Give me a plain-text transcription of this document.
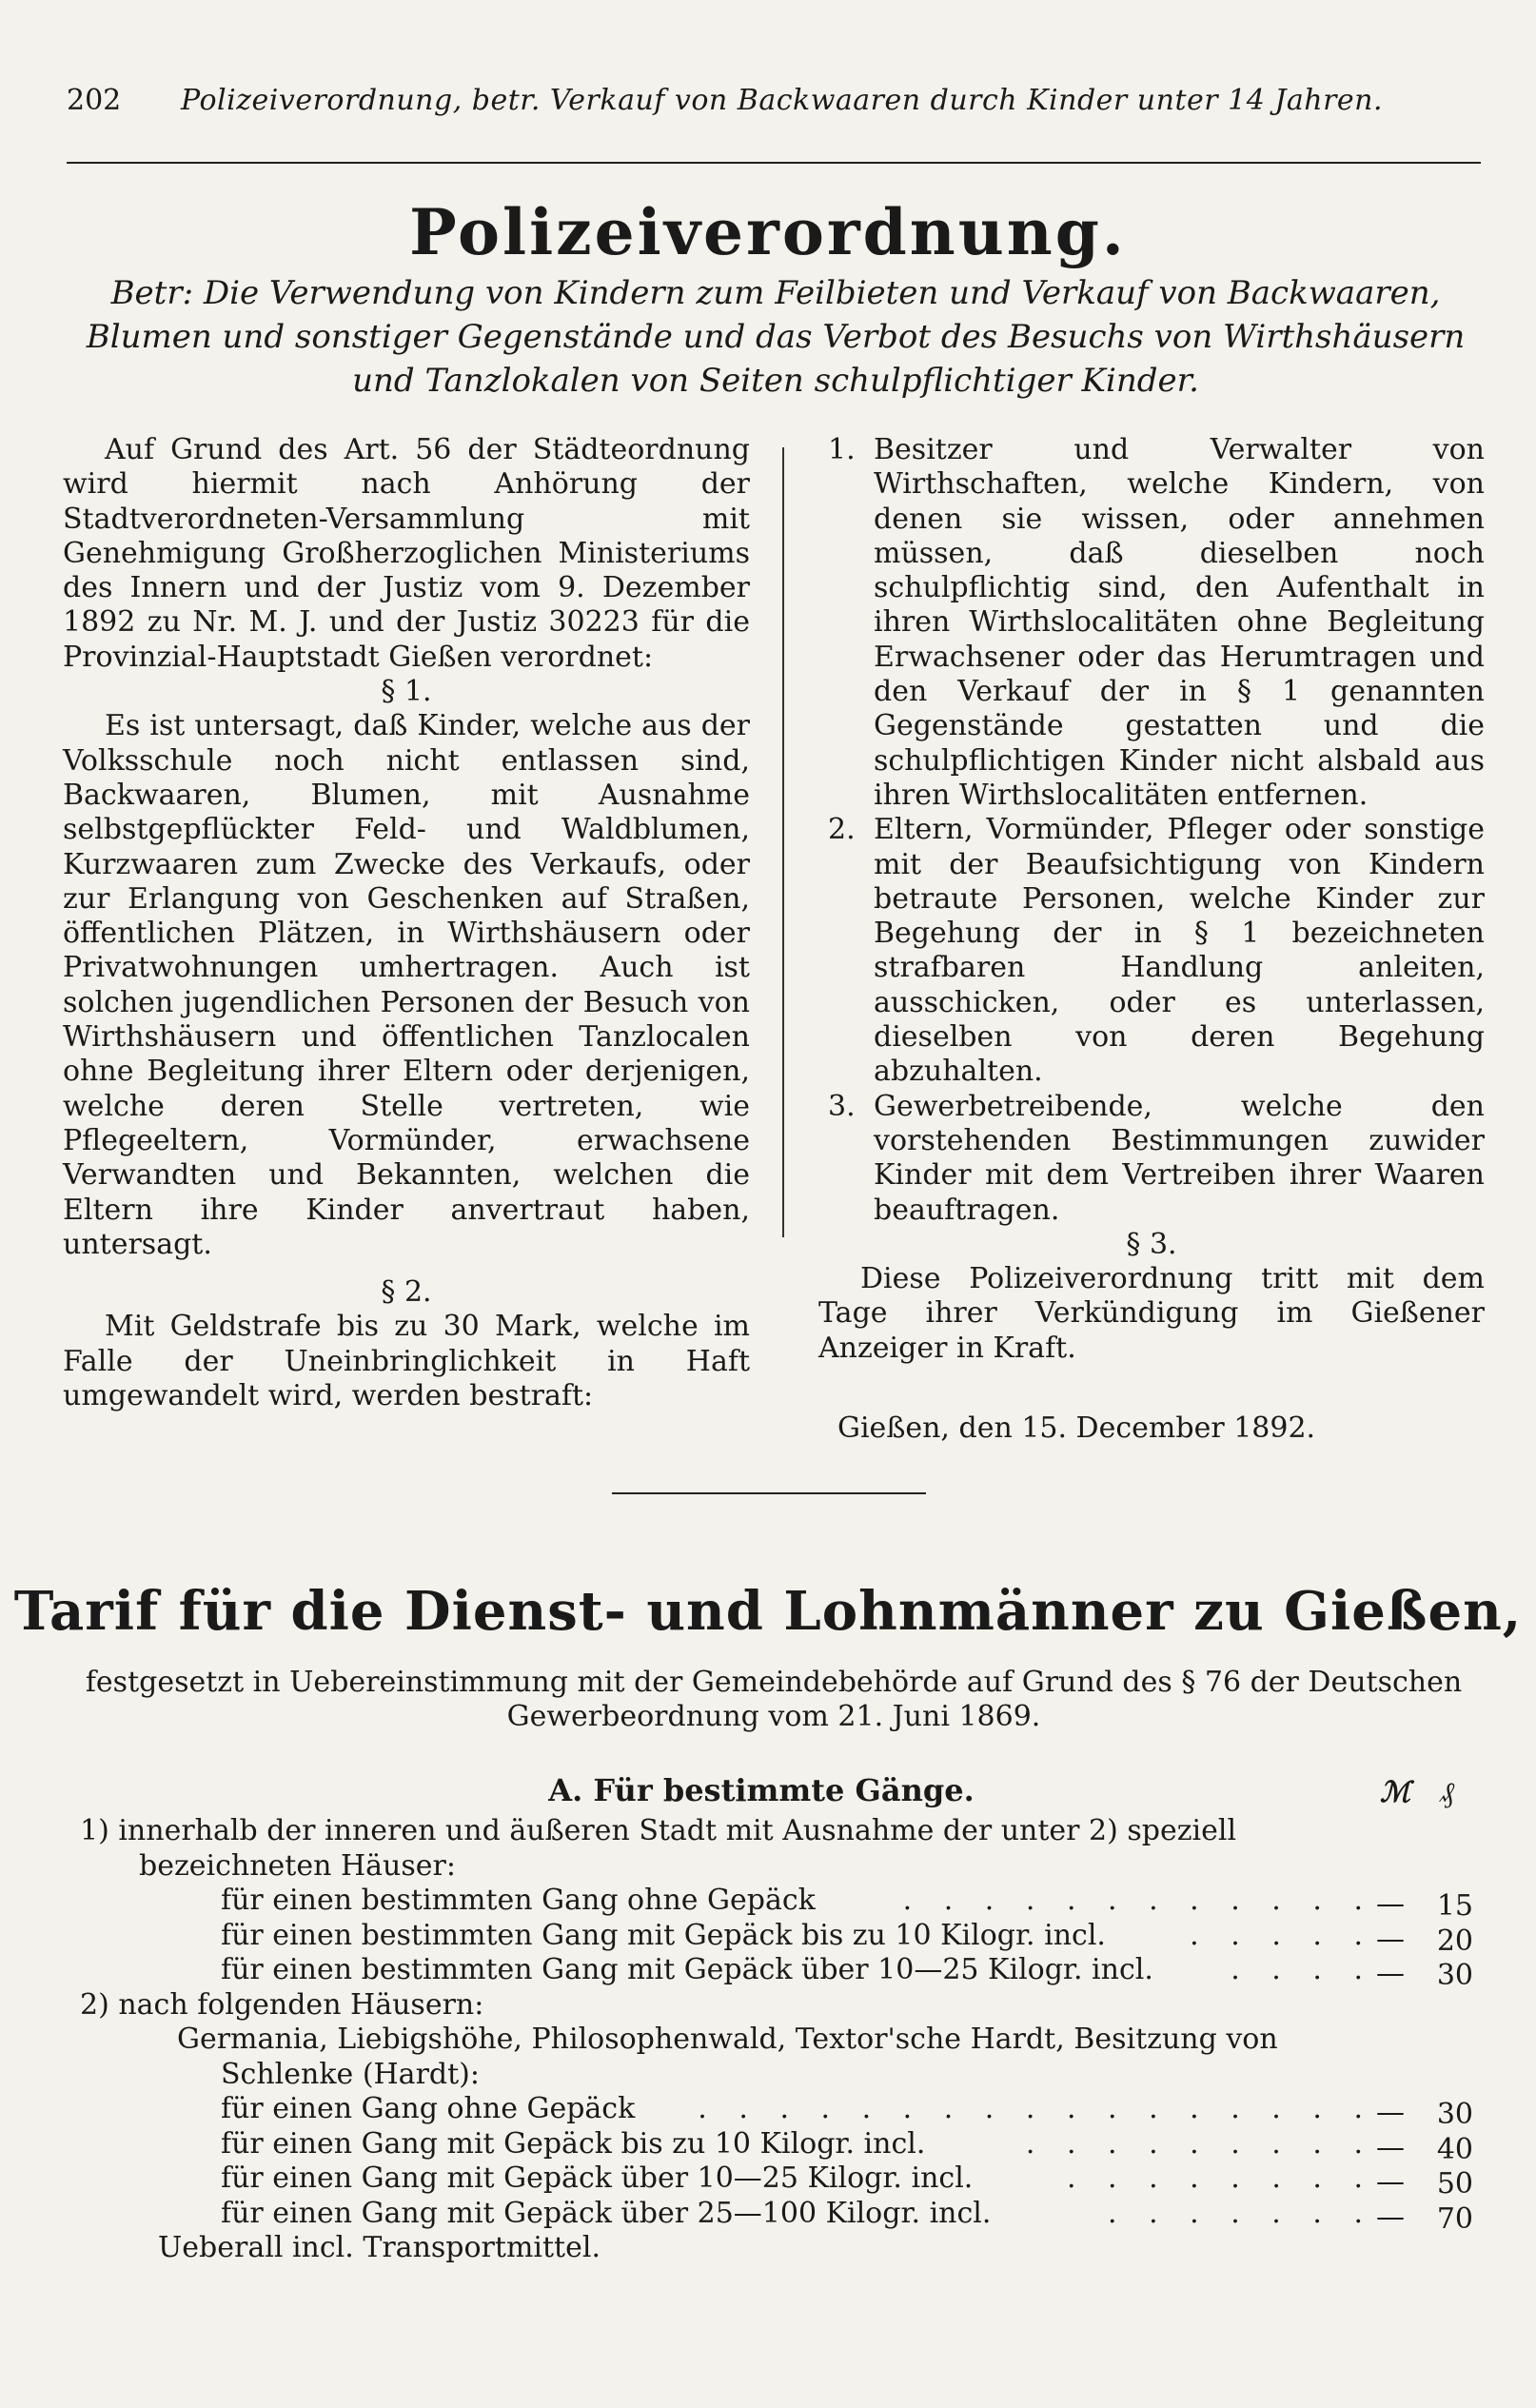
202 Polizeiverordnung, betr. Verkauf von Backwaaren durch Kinder unter 14 Jahren.
Polizeiverordnung.
Betr: Die Verwendung von Kindern zum Feilbieten und Verkauf von Backwaaren, Blumen und sonstiger Gegenstände und das Verbot des Besuchs von Wirthshäusern und Tanzlokalen von Seiten schulpflichtiger Kinder.

Auf Grund des Art. 56 der Städteordnung wird hiermit nach Anhörung der Stadtverordneten-Versammlung mit Genehmigung Großherzoglichen Ministeriums des Innern und der Justiz vom 9. Dezember 1892 zu Nr. M. J. und der Justiz 30223 für die Provinzial-Hauptstadt Gießen verordnet:

§ 1.

Es ist untersagt, daß Kinder, welche aus der Volksschule noch nicht entlassen sind, Backwaaren, Blumen, mit Ausnahme selbstgepflückter Feld- und Waldblumen, Kurzwaaren zum Zwecke des Verkaufs, oder zur Erlangung von Geschenken auf Straßen, öffentlichen Plätzen, in Wirthshäusern oder Privatwohnungen umhertragen. Auch ist solchen jugendlichen Personen der Besuch von Wirthshäusern und öffentlichen Tanzlocalen ohne Begleitung ihrer Eltern oder derjenigen, welche deren Stelle vertreten, wie Pflegeeltern, Vormünder, erwachsene Verwandten und Bekannten, welchen die Eltern ihre Kinder anvertraut haben, untersagt.

§ 2.

Mit Geldstrafe bis zu 30 Mark, welche im Falle der Uneinbringlichkeit in Haft umgewandelt wird, werden bestraft:

1. Besitzer und Verwalter von Wirthschaften, welche Kindern, von denen sie wissen, oder annehmen müssen, daß dieselben noch schulpflichtig sind, den Aufenthalt in ihren Wirthslocalitäten ohne Begleitung Erwachsener oder das Herumtragen und den Verkauf der in § 1 genannten Gegenstände gestatten und die schulpflichtigen Kinder nicht alsbald aus ihren Wirthslocalitäten entfernen.
2. Eltern, Vormünder, Pfleger oder sonstige mit der Beaufsichtigung von Kindern betraute Personen, welche Kinder zur Begehung der in § 1 bezeichneten strafbaren Handlung anleiten, ausschicken, oder es unterlassen, dieselben von deren Begehung abzuhalten.
3. Gewerbetreibende, welche den vorstehenden Bestimmungen zuwider Kinder mit dem Vertreiben ihrer Waaren beauftragen.

§ 3.

Diese Polizeiverordnung tritt mit dem Tage ihrer Verkündigung im Gießener Anzeiger in Kraft.

Gießen, den 15. December 1892.

Tarif für die Dienst- und Lohnmänner zu Gießen,
festgesetzt in Uebereinstimmung mit der Gemeindebehörde auf Grund des § 76 der Deutschen Gewerbeordnung vom 21. Juni 1869.
A. Für bestimmte Gänge.	ℳ ₰
1) innerhalb der inneren und äußeren Stadt mit Ausnahme der unter 2) speziell
bezeichneten Häuser:
für einen bestimmten Gang ohne Gepäck	. . . . . . . . . . . . —	15
für einen bestimmten Gang mit Gepäck bis zu 10 Kilogr. incl.	. . . . . —	20
für einen bestimmten Gang mit Gepäck über 10—25 Kilogr. incl.	. . . . —	30
2) nach folgenden Häusern:
Germania, Liebigshöhe, Philosophenwald, Textor'sche Hardt, Besitzung von
Schlenke (Hardt):
für einen Gang ohne Gepäck . . . . . . . . . . . . . . . . . —	30
für einen Gang mit Gepäck bis zu 10 Kilogr. incl.	. . . . . . . . . —	40
für einen Gang mit Gepäck über 10—25 Kilogr. incl.	. . . . . . . . —	50
für einen Gang mit Gepäck über 25—100 Kilogr. incl.	. . . . . . . —	70
Ueberall incl. Transportmittel.
